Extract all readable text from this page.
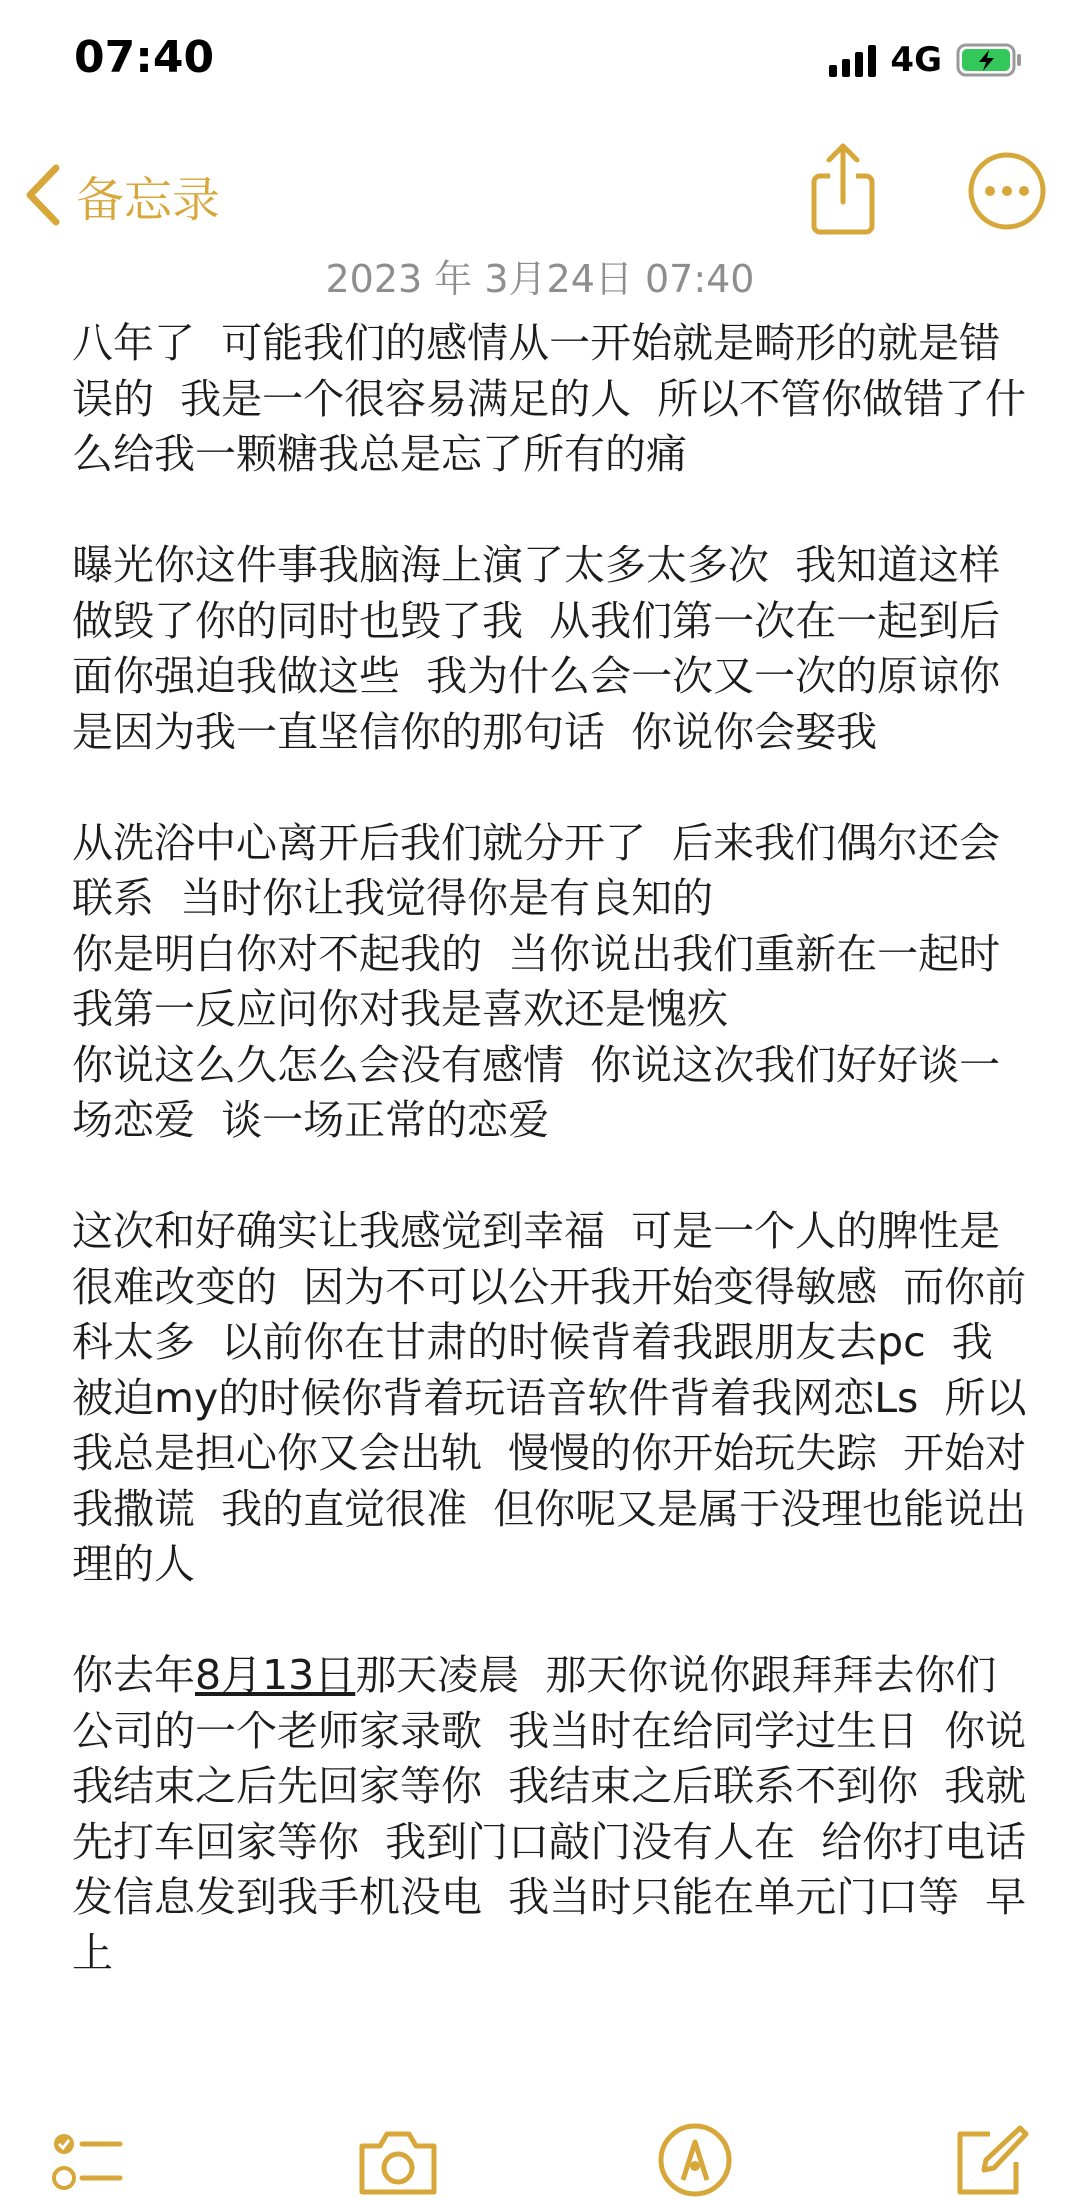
07:40	4G
备忘录
2023 年 3月24日 07:40

八年了  可能我们的感情从一开始就是畸形的就是错误的  我是一个很容易满足的人  所以不管你做错了什么给我一颗糖我总是忘了所有的痛

曝光你这件事我脑海上演了太多太多次  我知道这样做毁了你的同时也毁了我  从我们第一次在一起到后面你强迫我做这些  我为什么会一次又一次的原谅你  是因为我一直坚信你的那句话  你说你会娶我

从洗浴中心离开后我们就分开了  后来我们偶尔还会联系  当时你让我觉得你是有良知的
你是明白你对不起我的  当你说出我们重新在一起时  我第一反应问你对我是喜欢还是愧疚
你说这么久怎么会没有感情  你说这次我们好好谈一场恋爱  谈一场正常的恋爱

这次和好确实让我感觉到幸福  可是一个人的脾性是很难改变的  因为不可以公开我开始变得敏感  而你前科太多  以前你在甘肃的时候背着我跟朋友去pc  我被迫my的时候你背着玩语音软件背着我网恋Ls  所以我总是担心你又会出轨  慢慢的你开始玩失踪  开始对我撒谎  我的直觉很准  但你呢又是属于没理也能说出理的人

你去年8月13日那天凌晨  那天你说你跟拜拜去你们公司的一个老师家录歌  我当时在给同学过生日  你说我结束之后先回家等你  我结束之后联系不到你  我就先打车回家等你  我到门口敲门没有人在  给你打电话发信息发到我手机没电  我当时只能在单元门口等  早上
